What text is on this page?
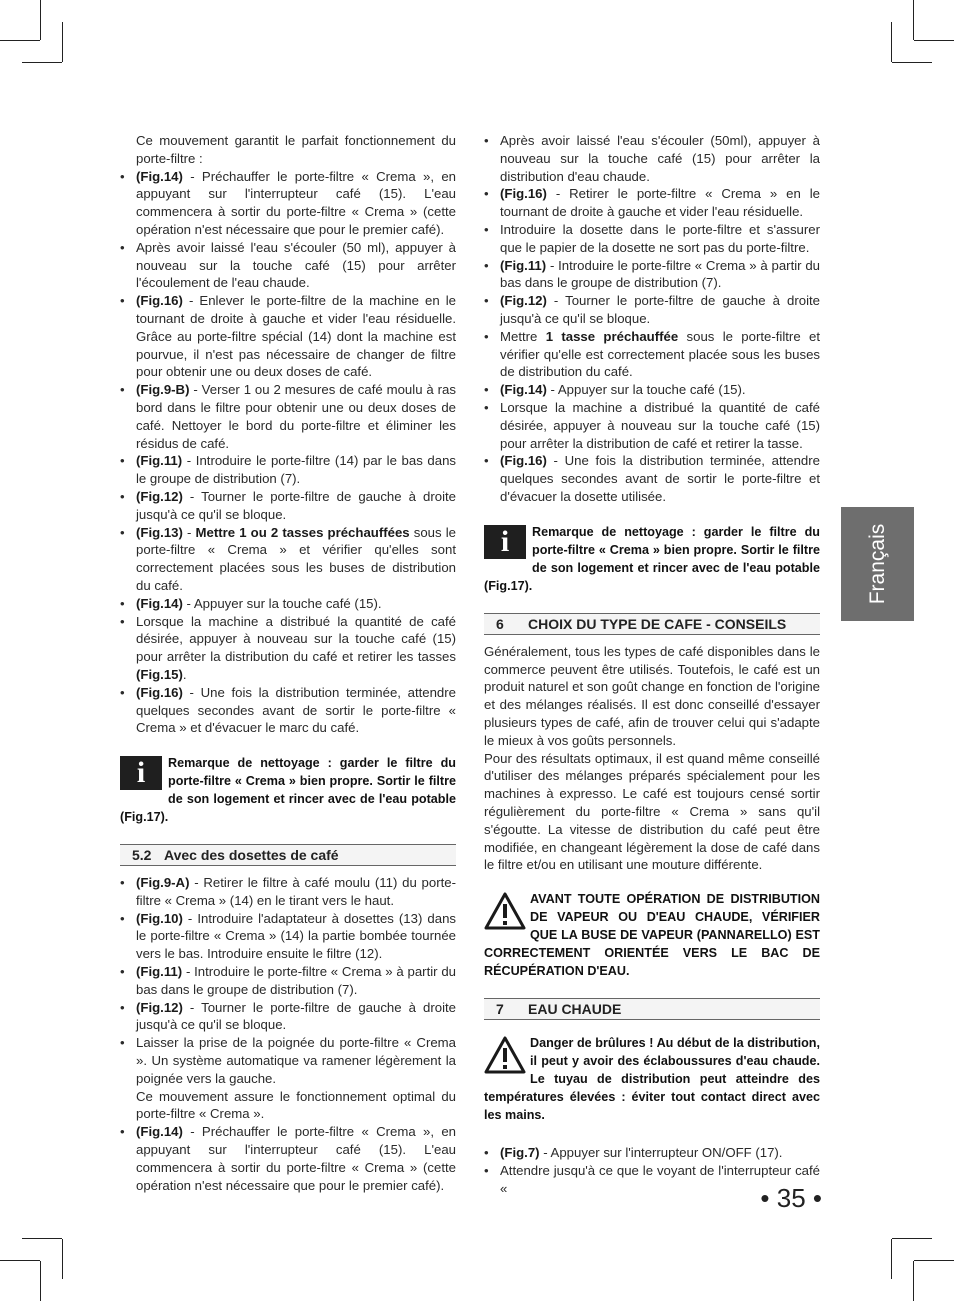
Ce mouvement garantit le parfait fonctionnement du porte-filtre :

• (Fig.14) - Préchauffer le porte-filtre « Crema », en appuyant sur l'interrupteur café (15). L'eau commencera à sortir du porte-filtre « Crema » (cette opération n'est nécessaire que pour le premier café).
• Après avoir laissé l'eau s'écouler (50 ml), appuyer à nouveau sur la touche café (15) pour arrêter l'écoulement de l'eau chaude.
• (Fig.16) - Enlever le porte-filtre de la machine en le tournant de droite à gauche et vider l'eau résiduelle. Grâce au porte-filtre spécial (14) dont la machine est pourvue, il n'est pas nécessaire de changer de filtre pour obtenir une ou deux doses de café.
• (Fig.9-B) - Verser 1 ou 2 mesures de café moulu à ras bord dans le filtre pour obtenir une ou deux doses de café. Nettoyer le bord du porte-filtre et éliminer les résidus de café.
• (Fig.11) - Introduire le porte-filtre (14) par le bas dans le groupe de distribution (7).
• (Fig.12) - Tourner le porte-filtre de gauche à droite jusqu'à ce qu'il se bloque.
• (Fig.13) - Mettre 1 ou 2 tasses préchauffées sous le porte-filtre « Crema » et vérifier qu'elles sont correctement placées sous les buses de distribution du café.
• (Fig.14) - Appuyer sur la touche café (15).
• Lorsque la machine a distribué la quantité de café désirée, appuyer à nouveau sur la touche café (15) pour arrêter la distribution du café et retirer les tasses (Fig.15).
• (Fig.16) - Une fois la distribution terminée, attendre quelques secondes avant de sortir le porte-filtre « Crema » et d'évacuer le marc du café.
i	Remarque de nettoyage : garder le filtre du porte-filtre « Crema » bien propre. Sortir le filtre de son logement et rincer avec de l'eau potable (Fig.17).
5.2 Avec des dosettes de café
• (Fig.9-A) - Retirer le filtre à café moulu (11) du porte-filtre « Crema » (14) en le tirant vers le haut.
• (Fig.10) - Introduire l'adaptateur à dosettes (13) dans le porte-filtre « Crema » (14) la partie bombée tournée vers le bas. Introduire ensuite le filtre (12).
• (Fig.11) - Introduire le porte-filtre « Crema » à partir du bas dans le groupe de distribution (7).
• (Fig.12) - Tourner le porte-filtre de gauche à droite jusqu'à ce qu'il se bloque.
• Laisser la prise de la poignée du porte-filtre « Crema ». Un système automatique va ramener légèrement la poignée vers la gauche.

Ce mouvement assure le fonctionnement optimal du porte-filtre « Crema ».

• (Fig.14) - Préchauffer le porte-filtre « Crema », en appuyant sur l'interrupteur café (15). L'eau commencera à sortir du porte-filtre « Crema » (cette opération n'est nécessaire que pour le premier café).
• Après avoir laissé l'eau s'écouler (50ml), appuyer à nouveau sur la touche café (15) pour arrêter la distribution d'eau chaude.
• (Fig.16) - Retirer le porte-filtre « Crema » en le tournant de droite à gauche et vider l'eau résiduelle.
• Introduire la dosette dans le porte-filtre et s'assurer que le papier de la dosette ne sort pas du porte-filtre.
• (Fig.11) - Introduire le porte-filtre « Crema » à partir du bas dans le groupe de distribution (7).
• (Fig.12) - Tourner le porte-filtre de gauche à droite jusqu'à ce qu'il se bloque.
• Mettre 1 tasse préchauffée sous le porte-filtre et vérifier qu'elle est correctement placée sous les buses de distribution du café.
• (Fig.14) - Appuyer sur la touche café (15).
• Lorsque la machine a distribué la quantité de café désirée, appuyer à nouveau sur la touche café (15) pour arrêter la distribution de café et retirer la tasse.
• (Fig.16) - Une fois la distribution terminée, attendre quelques secondes avant de sortir le porte-filtre et d'évacuer la dosette utilisée.
i	Remarque de nettoyage : garder le filtre du porte-filtre « Crema » bien propre. Sortir le filtre de son logement et rincer avec de l'eau potable (Fig.17).
6 CHOIX DU TYPE DE CAFE - CONSEILS

Généralement, tous les types de café disponibles dans le commerce peuvent être utilisés. Toutefois, le café est un produit naturel et son goût change en fonction de l'origine et des mélanges réalisés. Il est donc conseillé d'essayer plusieurs types de café, afin de trouver celui qui s'adapte le mieux à vos goûts personnels.

Pour des résultats optimaux, il est quand même conseillé d'utiliser des mélanges préparés spécialement pour les machines à expresso. Le café est toujours censé sortir régulièrement du porte-filtre « Crema » sans qu'il s'égoutte. La vitesse de distribution du café peut être modifiée, en changeant légèrement la dose de café dans le filtre et/ou en utilisant une mouture différente.

AVANT TOUTE OPÉRATION DE DISTRIBUTION DE VAPEUR OU D'EAU CHAUDE, VÉRIFIER QUE LA BUSE DE VAPEUR (PANNARELLO) EST CORRECTEMENT ORIENTÉE VERS LE BAC DE RÉCUPÉRATION D'EAU.
7 EAU CHAUDE
Danger de brûlures ! Au début de la distribution, il peut y avoir des éclaboussures d'eau chaude. Le tuyau de distribution peut atteindre des températures élevées : éviter tout contact direct avec les mains.
• (Fig.7) - Appuyer sur l'interrupteur ON/OFF (17).
• Attendre jusqu'à ce que le voyant de l'interrupteur café «
Français
• 35 •
